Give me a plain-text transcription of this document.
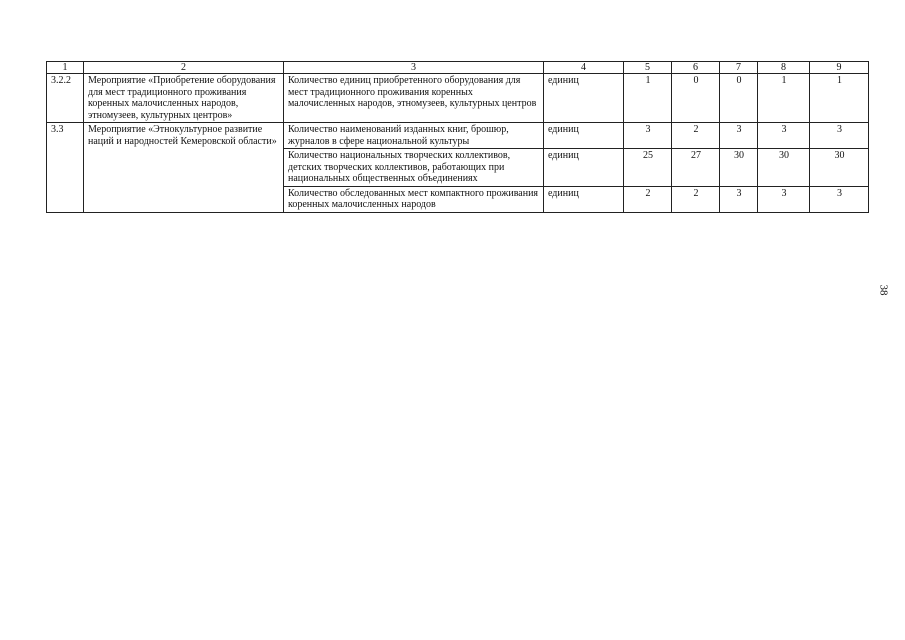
1	2	3	4	5	6	7	8	9
3.2.2	Мероприятие «Приобретение оборудования для мест традиционного проживания коренных малочисленных народов, этномузеев, культурных центров»	Количество единиц приобретенного оборудования для мест традиционного проживания коренных малочисленных народов, этномузеев, культурных центров	единиц	1	0	0	1	1
3.3	Мероприятие «Этнокультурное развитие наций и народностей Кемеровской области»	Количество наименований изданных книг, брошюр, журналов в сфере национальной культуры	единиц	3	2	3	3	3
		Количество национальных творческих коллективов, детских творческих коллективов, работающих при национальных общественных объединениях	единиц	25	27	30	30	30
		Количество обследованных мест компактного проживания коренных малочисленных народов	единиц	2	2	3	3	3
38
